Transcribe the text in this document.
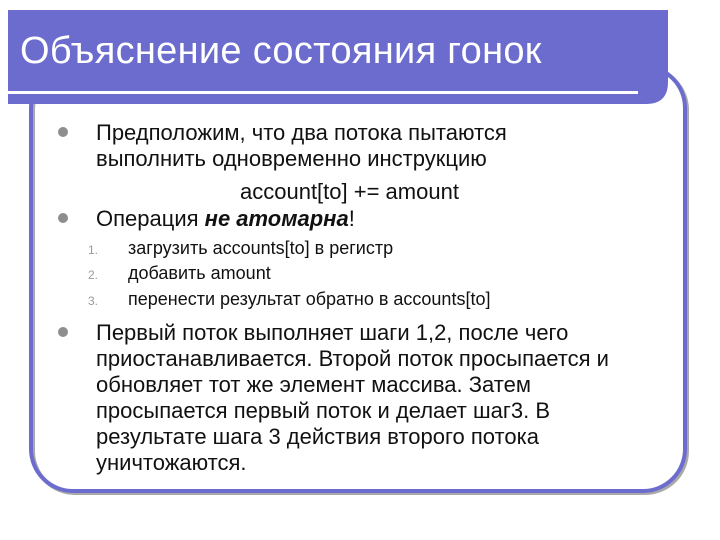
Объяснение состояния гонок
Предположим, что два потока пытаются
выполнить одновременно инструкцию
account[to] += amount
Операция не атомарна!
1. загрузить accounts[to] в регистр
2. добавить amount
3. перенести результат обратно в accounts[to]
Первый поток выполняет шаги 1,2, после чего
приостанавливается. Второй поток просыпается и
обновляет тот же элемент массива. Затем
просыпается первый поток и делает шаг3. В
результате шага 3 действия второго потока
уничтожаются.
